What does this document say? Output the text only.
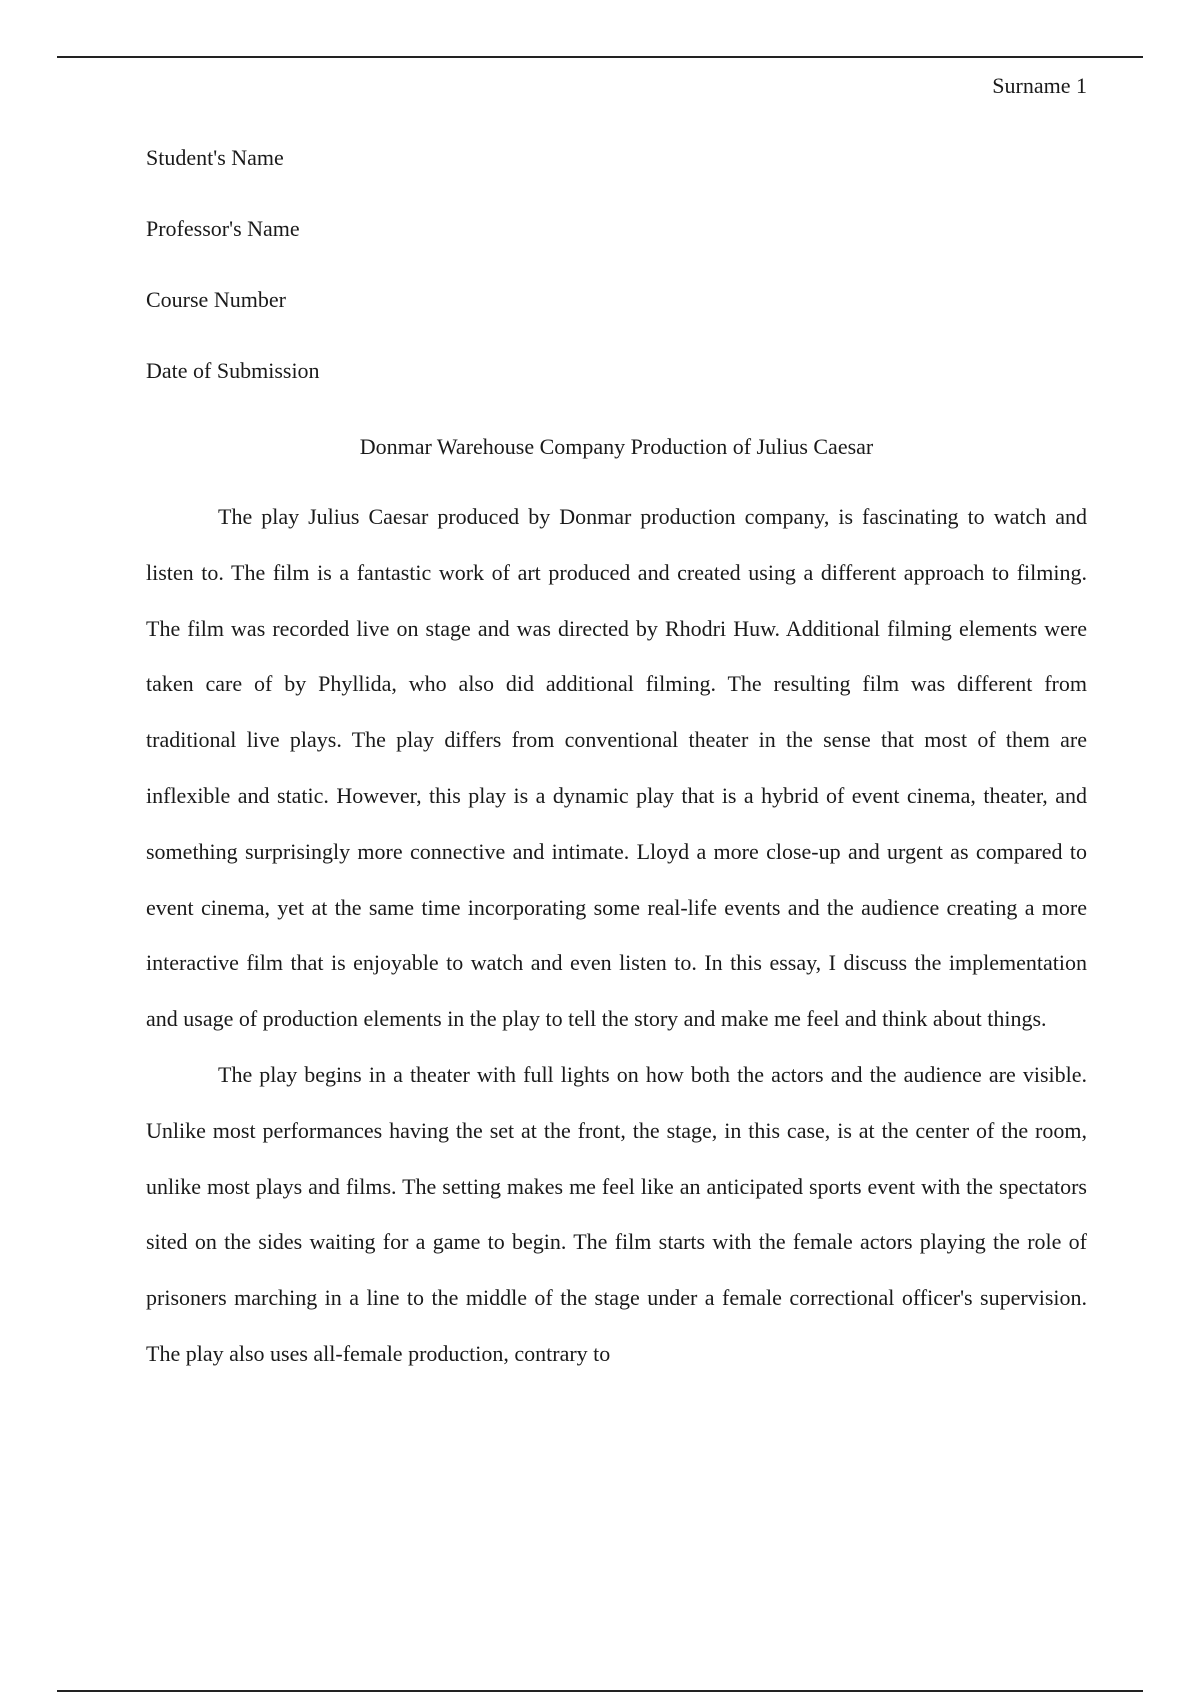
Surname 1
Student's Name
Professor's Name
Course Number
Date of Submission
Donmar Warehouse Company Production of Julius Caesar

The play Julius Caesar produced by Donmar production company, is fascinating to watch and listen to. The film is a fantastic work of art produced and created using a different approach to filming. The film was recorded live on stage and was directed by Rhodri Huw. Additional filming elements were taken care of by Phyllida, who also did additional filming. The resulting film was different from traditional live plays. The play differs from conventional theater in the sense that most of them are inflexible and static. However, this play is a dynamic play that is a hybrid of event cinema, theater, and something surprisingly more connective and intimate. Lloyd a more close-up and urgent as compared to event cinema, yet at the same time incorporating some real-life events and the audience creating a more interactive film that is enjoyable to watch and even listen to. In this essay, I discuss the implementation and usage of production elements in the play to tell the story and make me feel and think about things.

The play begins in a theater with full lights on how both the actors and the audience are visible. Unlike most performances having the set at the front, the stage, in this case, is at the center of the room, unlike most plays and films. The setting makes me feel like an anticipated sports event with the spectators sited on the sides waiting for a game to begin. The film starts with the female actors playing the role of prisoners marching in a line to the middle of the stage under a female correctional officer's supervision. The play also uses all-female production, contrary to
